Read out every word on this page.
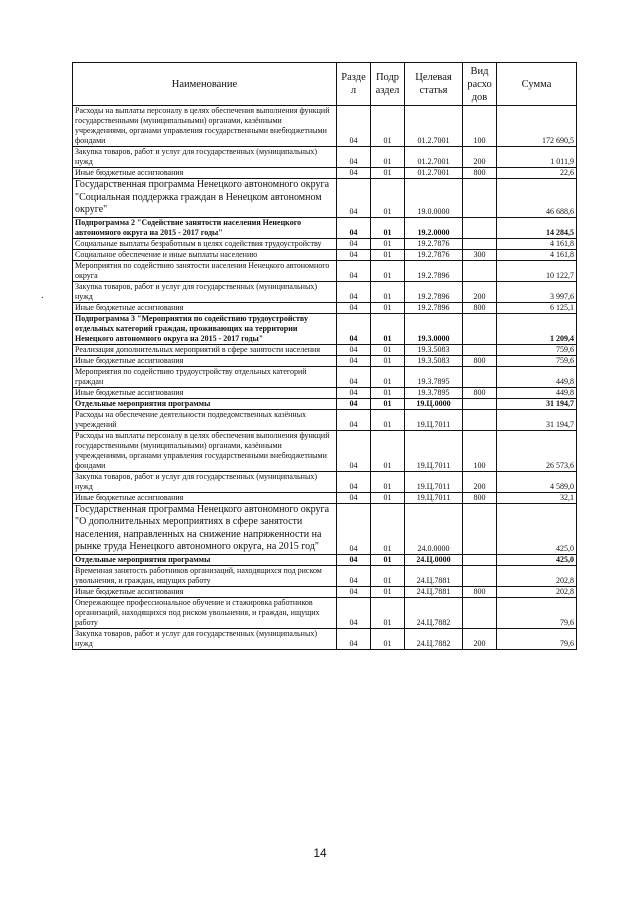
.
Наименование	Разде л	Подр аздел	Целевая статья	Вид расхо дов	Сумма
Расходы на выплаты персоналу в целях обеспечения выполнения функций государственными (муниципальными) органами, казёнными учреждениями, органами управления государственными внебюджетными фондами	04	01	01.2.7001	100	172 690,5
Закупка товаров, работ и услуг для государственных (муниципальных) нужд	04	01	01.2.7001	200	1 011,9
Иные бюджетные ассигнования	04	01	01.2.7001	800	22,6
Государственная программа Ненецкого автономного округа "Социальная поддержка граждан в Ненецком автономном округе"	04	01	19.0.0000		46 688,6
Подпрограмма 2 "Содействие занятости населения Ненецкого автономного округа на 2015 - 2017 годы"	04	01	19.2.0000		14 284,5
Социальные выплаты безработным в целях содействия трудоустройству	04	01	19.2.7876		4 161,8
Социальное обеспечение и иные выплаты населению	04	01	19.2.7876	300	4 161,8
Мероприятия по содействию занятости населения Ненецкого автономного округа	04	01	19.2.7896		10 122,7
Закупка товаров, работ и услуг для государственных (муниципальных) нужд	04	01	19.2.7896	200	3 997,6
Иные бюджетные ассигнования	04	01	19.2.7896	800	6 125,1
Подпрограмма 3 "Мероприятия по содействию трудоустройству отдельных категорий граждан, проживающих на территории Ненецкого автономного округа на 2015 - 2017 годы"	04	01	19.3.0000		1 209,4
Реализация дополнительных мероприятий в сфере занятости населения	04	01	19.3.5083		759,6
Иные бюджетные ассигнования	04	01	19.3.5083	800	759,6
Мероприятия по содействию трудоустройству отдельных категорий граждан	04	01	19.3.7895		449,8
Иные бюджетные ассигнования	04	01	19.3.7895	800	449,8
Отдельные мероприятия программы	04	01	19.Ц.0000		31 194,7
Расходы на обеспечение деятельности подведомственных казённых учреждений	04	01	19.Ц.7011		31 194,7
Расходы на выплаты персоналу в целях обеспечения выполнения функций государственными (муниципальными) органами, казёнными учреждениями, органами управления государственными внебюджетными фондами	04	01	19.Ц.7011	100	26 573,6
Закупка товаров, работ и услуг для государственных (муниципальных) нужд	04	01	19.Ц.7011	200	4 589,0
Иные бюджетные ассигнования	04	01	19.Ц.7011	800	32,1
Государственная программа Ненецкого автономного округа "О дополнительных мероприятиях в сфере занятости населения, направленных на снижение напряженности на рынке труда Ненецкого автономного округа, на 2015 год"	04	01	24.0.0000		425,0
Отдельные мероприятия программы	04	01	24.Ц.0000		425,0
Временная занятость работников организаций, находящихся под риском увольнения, и граждан, ищущих работу	04	01	24.Ц.7881		202,8
Иные бюджетные ассигнования	04	01	24.Ц.7881	800	202,8
Опережающее профессиональное обучение и стажировка работников организаций, находящихся под риском увольнения, и граждан, ищущих работу	04	01	24.Ц.7882		79,6
Закупка товаров, работ и услуг для государственных (муниципальных) нужд	04	01	24.Ц.7882	200	79,6
14
